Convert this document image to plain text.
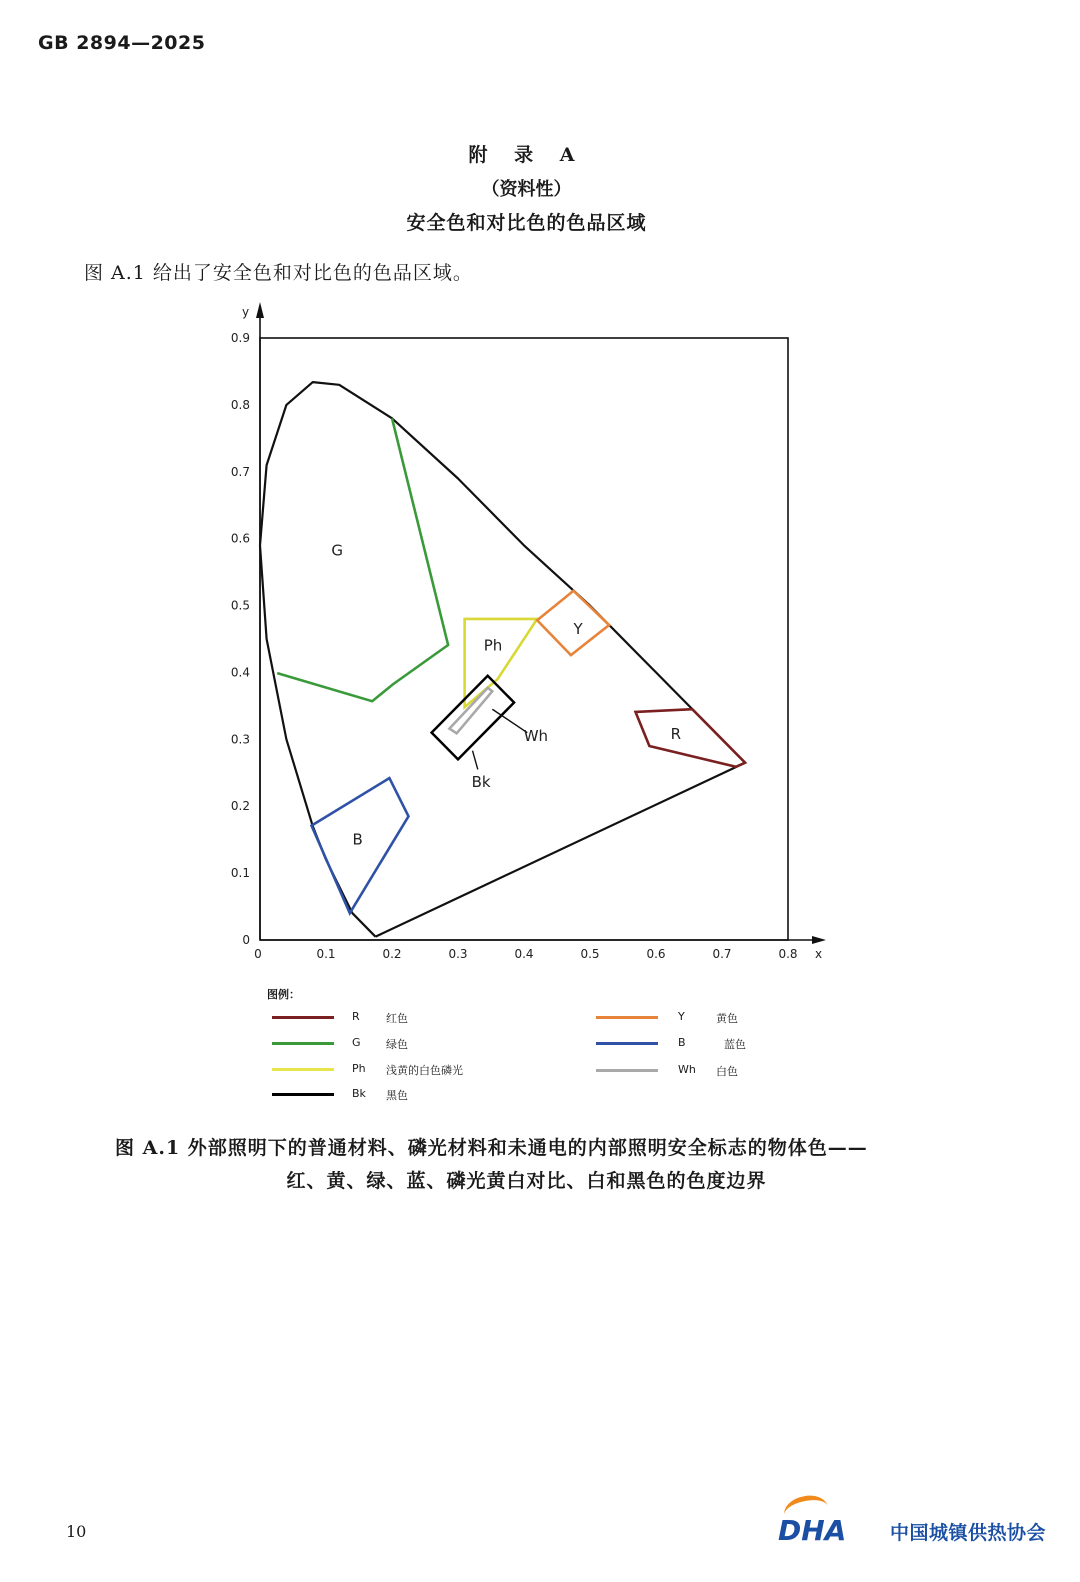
GB 2894—2025
附 录 A
（资料性）
安全色和对比色的色品区域
图 A.1 给出了安全色和对比色的色品区域。
0	0.1	0.2	0.3	0.4	0.5	0.6	0.7	0.8
0
0.1
0.2
0.3
0.4
0.5
0.6
0.7
0.8
0.9
x
y
G
Ph
Y
R
B
Wh
Bk
图例：
R 红色
G 绿色
Ph 浅黄的白色磷光
Bk 黑色
Y	黄色
B	蓝色
Wh 白色
图 A.1 外部照明下的普通材料、磷光材料和未通电的内部照明安全标志的物体色——
红、黄、绿、蓝、磷光黄白对比、白和黑色的色度边界
10	DHA 中国城镇供热协会
